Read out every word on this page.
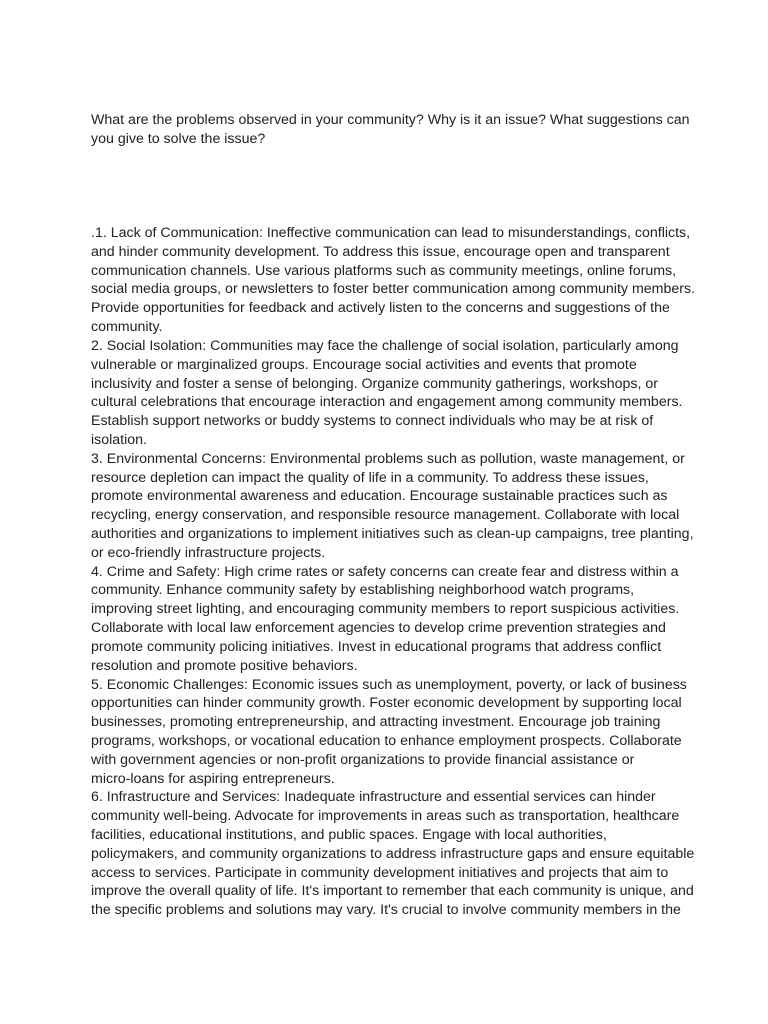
What are the problems observed in your community? Why is it an issue? What suggestions can
you give to solve the issue?
.1. Lack of Communication: Ineffective communication can lead to misunderstandings, conflicts,
and hinder community development. To address this issue, encourage open and transparent
communication channels. Use various platforms such as community meetings, online forums,
social media groups, or newsletters to foster better communication among community members.
Provide opportunities for feedback and actively listen to the concerns and suggestions of the
community.
2. Social Isolation: Communities may face the challenge of social isolation, particularly among
vulnerable or marginalized groups. Encourage social activities and events that promote
inclusivity and foster a sense of belonging. Organize community gatherings, workshops, or
cultural celebrations that encourage interaction and engagement among community members.
Establish support networks or buddy systems to connect individuals who may be at risk of
isolation.
3. Environmental Concerns: Environmental problems such as pollution, waste management, or
resource depletion can impact the quality of life in a community. To address these issues,
promote environmental awareness and education. Encourage sustainable practices such as
recycling, energy conservation, and responsible resource management. Collaborate with local
authorities and organizations to implement initiatives such as clean-up campaigns, tree planting,
or eco-friendly infrastructure projects.
4. Crime and Safety: High crime rates or safety concerns can create fear and distress within a
community. Enhance community safety by establishing neighborhood watch programs,
improving street lighting, and encouraging community members to report suspicious activities.
Collaborate with local law enforcement agencies to develop crime prevention strategies and
promote community policing initiatives. Invest in educational programs that address conflict
resolution and promote positive behaviors.
5. Economic Challenges: Economic issues such as unemployment, poverty, or lack of business
opportunities can hinder community growth. Foster economic development by supporting local
businesses, promoting entrepreneurship, and attracting investment. Encourage job training
programs, workshops, or vocational education to enhance employment prospects. Collaborate
with government agencies or non-profit organizations to provide financial assistance or
micro-loans for aspiring entrepreneurs.
6. Infrastructure and Services: Inadequate infrastructure and essential services can hinder
community well-being. Advocate for improvements in areas such as transportation, healthcare
facilities, educational institutions, and public spaces. Engage with local authorities,
policymakers, and community organizations to address infrastructure gaps and ensure equitable
access to services. Participate in community development initiatives and projects that aim to
improve the overall quality of life. It's important to remember that each community is unique, and
the specific problems and solutions may vary. It's crucial to involve community members in the
